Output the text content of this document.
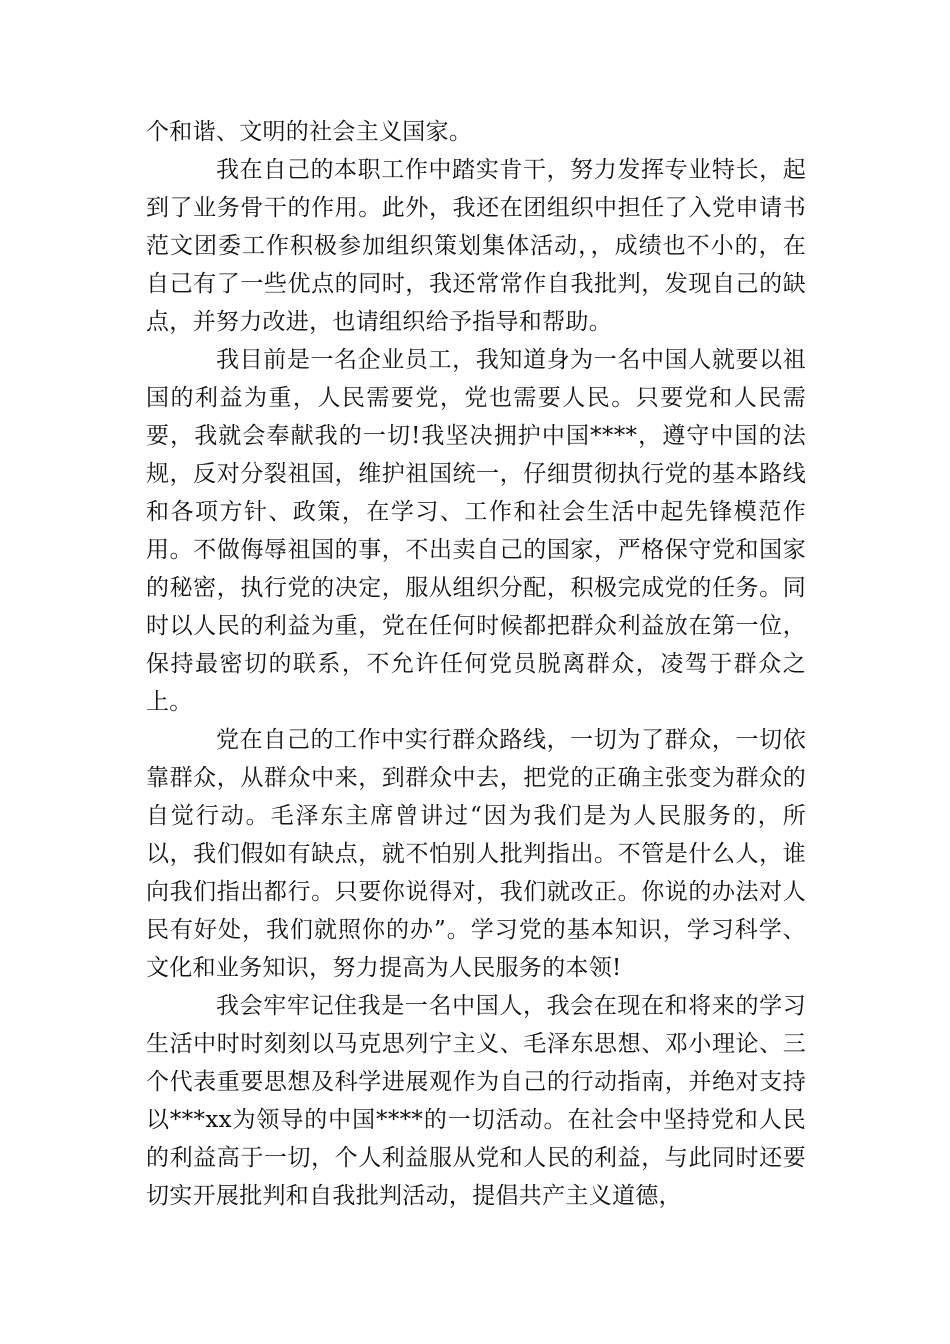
个和谐、文明的社会主义国家。

我在自己的本职工作中踏实肯干，努力发挥专业特长，起到了业务骨干的作用。此外，我还在团组织中担任了入党申请书范文团委工作积极参加组织策划集体活动，，成绩也不小的，在自己有了一些优点的同时，我还常常作自我批判，发现自己的缺点，并努力改进，也请组织给予指导和帮助。

我目前是一名企业员工，我知道身为一名中国人就要以祖国的利益为重，人民需要党，党也需要人民。只要党和人民需要，我就会奉献我的一切!我坚决拥护中国****，遵守中国的法规，反对分裂祖国，维护祖国统一，仔细贯彻执行党的基本路线和各项方针、政策，在学习、工作和社会生活中起先锋模范作用。不做侮辱祖国的事，不出卖自己的国家，严格保守党和国家的秘密，执行党的决定，服从组织分配，积极完成党的任务。同时以人民的利益为重，党在任何时候都把群众利益放在第一位，保持最密切的联系，不允许任何党员脱离群众，凌驾于群众之上。

党在自己的工作中实行群众路线，一切为了群众，一切依靠群众，从群众中来，到群众中去，把党的正确主张变为群众的自觉行动。毛泽东主席曾讲过“因为我们是为人民服务的，所以，我们假如有缺点，就不怕别人批判指出。不管是什么人，谁向我们指出都行。只要你说得对，我们就改正。你说的办法对人民有好处，我们就照你的办”。学习党的基本知识，学习科学、文化和业务知识，努力提高为人民服务的本领!

我会牢牢记住我是一名中国人，我会在现在和将来的学习生活中时时刻刻以马克思列宁主义、毛泽东思想、邓小理论、三个代表重要思想及科学进展观作为自己的行动指南，并绝对支持以***xx为领导的中国****的一切活动。在社会中坚持党和人民的利益高于一切，个人利益服从党和人民的利益，与此同时还要切实开展批判和自我批判活动，提倡共产主义道德，
